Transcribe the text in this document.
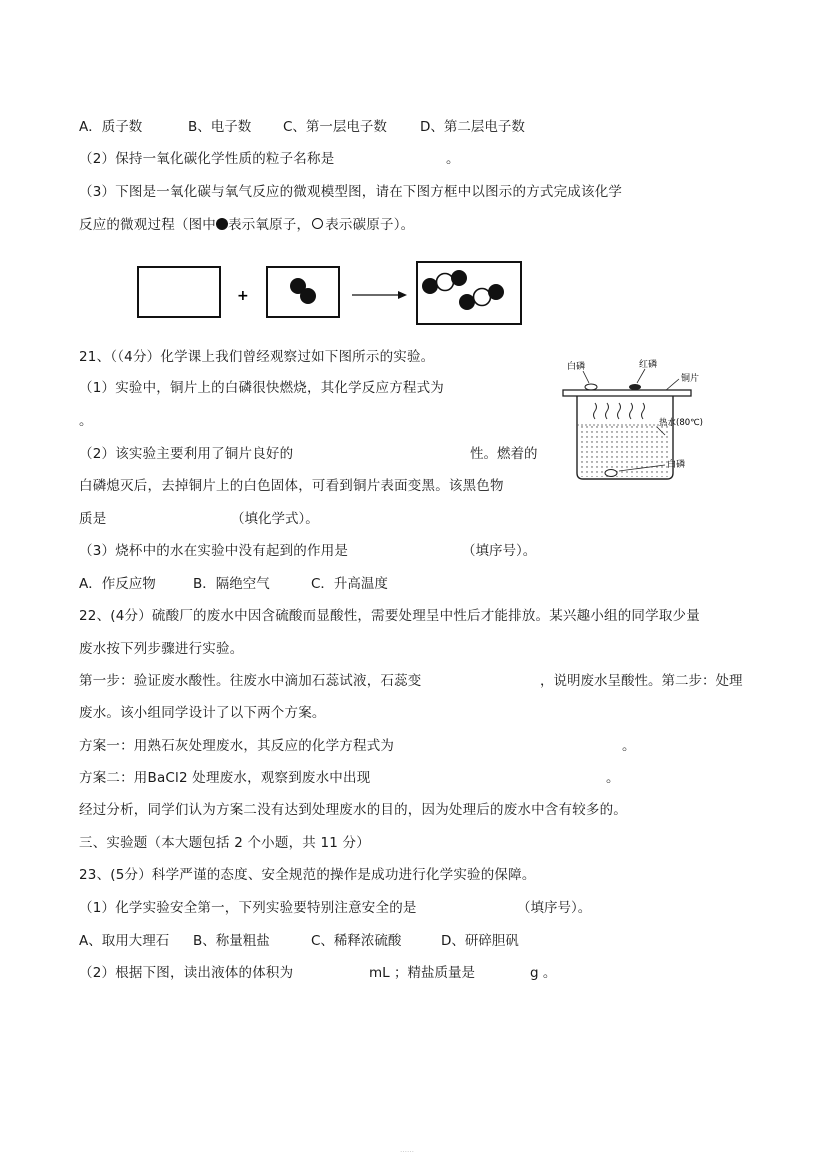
A．质子数	B、电子数 C、第一层电子数 D、第二层电子数
（2）保持一氧化碳化学性质的粒子名称是	。
（3）下图是一氧化碳与氧气反应的微观模型图，请在下图方框中以图示的方式完成该化学
反应的微观过程（图中 表示氧原子， 表示碳原子）。
+
21、（（4分）化学课上我们曾经观察过如下图所示的实验。
（1）实验中，铜片上的白磷很快燃烧，其化学反应方程式为
。
（2）该实验主要利用了铜片良好的	性。燃着的
白磷熄灭后，去掉铜片上的白色固体，可看到铜片表面变黑。该黑色物
质是	（填化学式）。
（3）烧杯中的水在实验中没有起到的作用是	（填序号）。
A．作反应物	B．隔绝空气	C．升高温度
白磷	红磷
铜片
热水(80℃)
白磷
22、(4分）硫酸厂的废水中因含硫酸而显酸性，需要处理呈中性后才能排放。某兴趣小组的同学取少量
废水按下列步骤进行实验。
第一步：验证废水酸性。往废水中滴加石蕊试液，石蕊变	，说明废水呈酸性。第二步：处理
废水。该小组同学设计了以下两个方案。
方案一：用熟石灰处理废水，其反应的化学方程式为	。
方案二：用BaCl2 处理废水，观察到废水中出现	。
经过分析，同学们认为方案二没有达到处理废水的目的，因为处理后的废水中含有较多的。
三、实验题（本大题包括 2 个小题，共 11 分）
23、(5分）科学严谨的态度、安全规范的操作是成功进行化学实验的保障。
（1）化学实验安全第一，下列实验要特别注意安全的是	（填序号）。
A、取用大理石 B、称量粗盐	C、稀释浓硫酸	D、研碎胆矾
（2）根据下图，读出液体的体积为	mL ；精盐质量是	g 。
……
